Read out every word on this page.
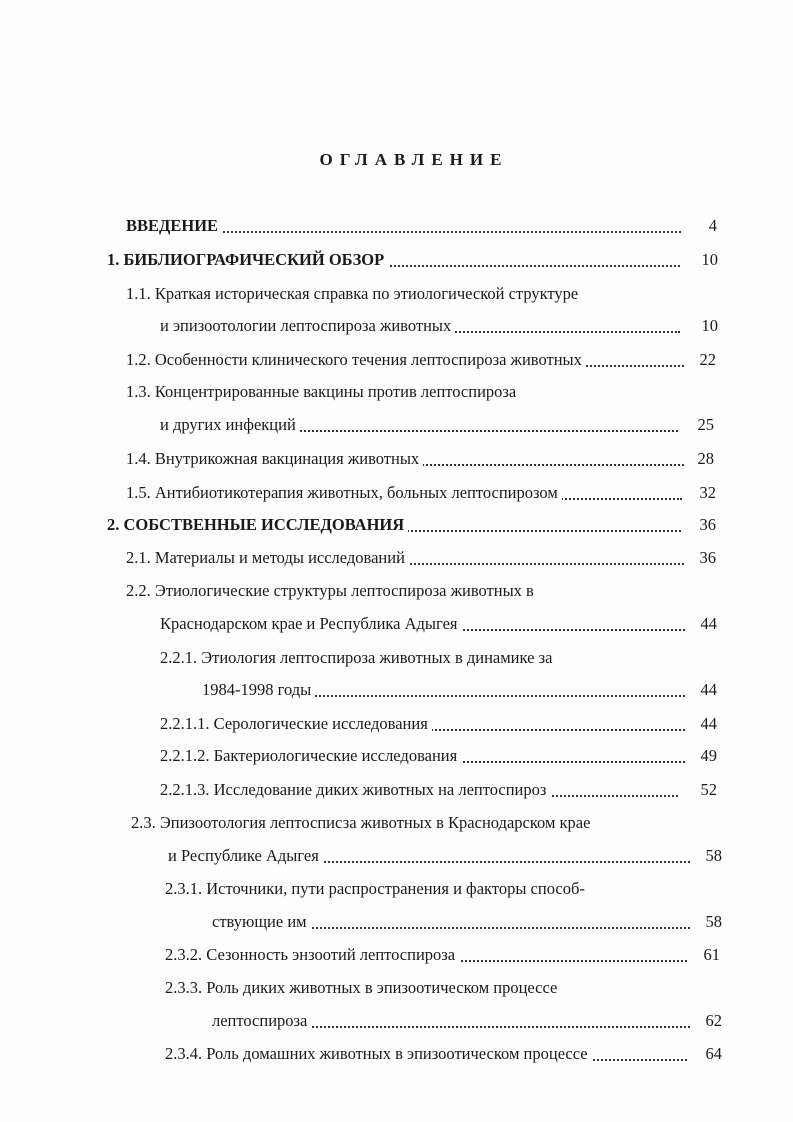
ОГЛАВЛЕНИЕ
ВВЕДЕНИЕ	4
1. БИБЛИОГРАФИЧЕСКИЙ ОБЗОР	10
1.1. Краткая историческая справка по этиологической структуре
и эпизоотологии лептоспироза животных	10
1.2. Особенности клинического течения лептоспироза животных	22
1.3. Концентрированные вакцины против лептоспироза
и других инфекций	25
1.4. Внутрикожная вакцинация животных	28
1.5. Антибиотикотерапия животных, больных лептоспирозом	32
2. СОБСТВЕННЫЕ ИССЛЕДОВАНИЯ	36
2.1. Материалы и методы исследований	36
2.2. Этиологические структуры лептоспироза животных в
Краснодарском крае и Республика Адыгея	44
2.2.1. Этиология лептоспироза животных в динамике за
1984-1998 годы	44
2.2.1.1. Серологические исследования	44
2.2.1.2. Бактериологические исследования	49
2.2.1.3. Исследование диких животных на лептоспироз	52
2.3. Эпизоотология лептосписза животных в Краснодарском крае
и Республике Адыгея	58
2.3.1. Источники, пути распространения и факторы способ-
ствующие им	58
2.3.2. Сезонность энзоотий лептоспироза	61
2.3.3. Роль диких животных в эпизоотическом процессе
лептоспироза	62
2.3.4. Роль домашних животных в эпизоотическом процессе	64
